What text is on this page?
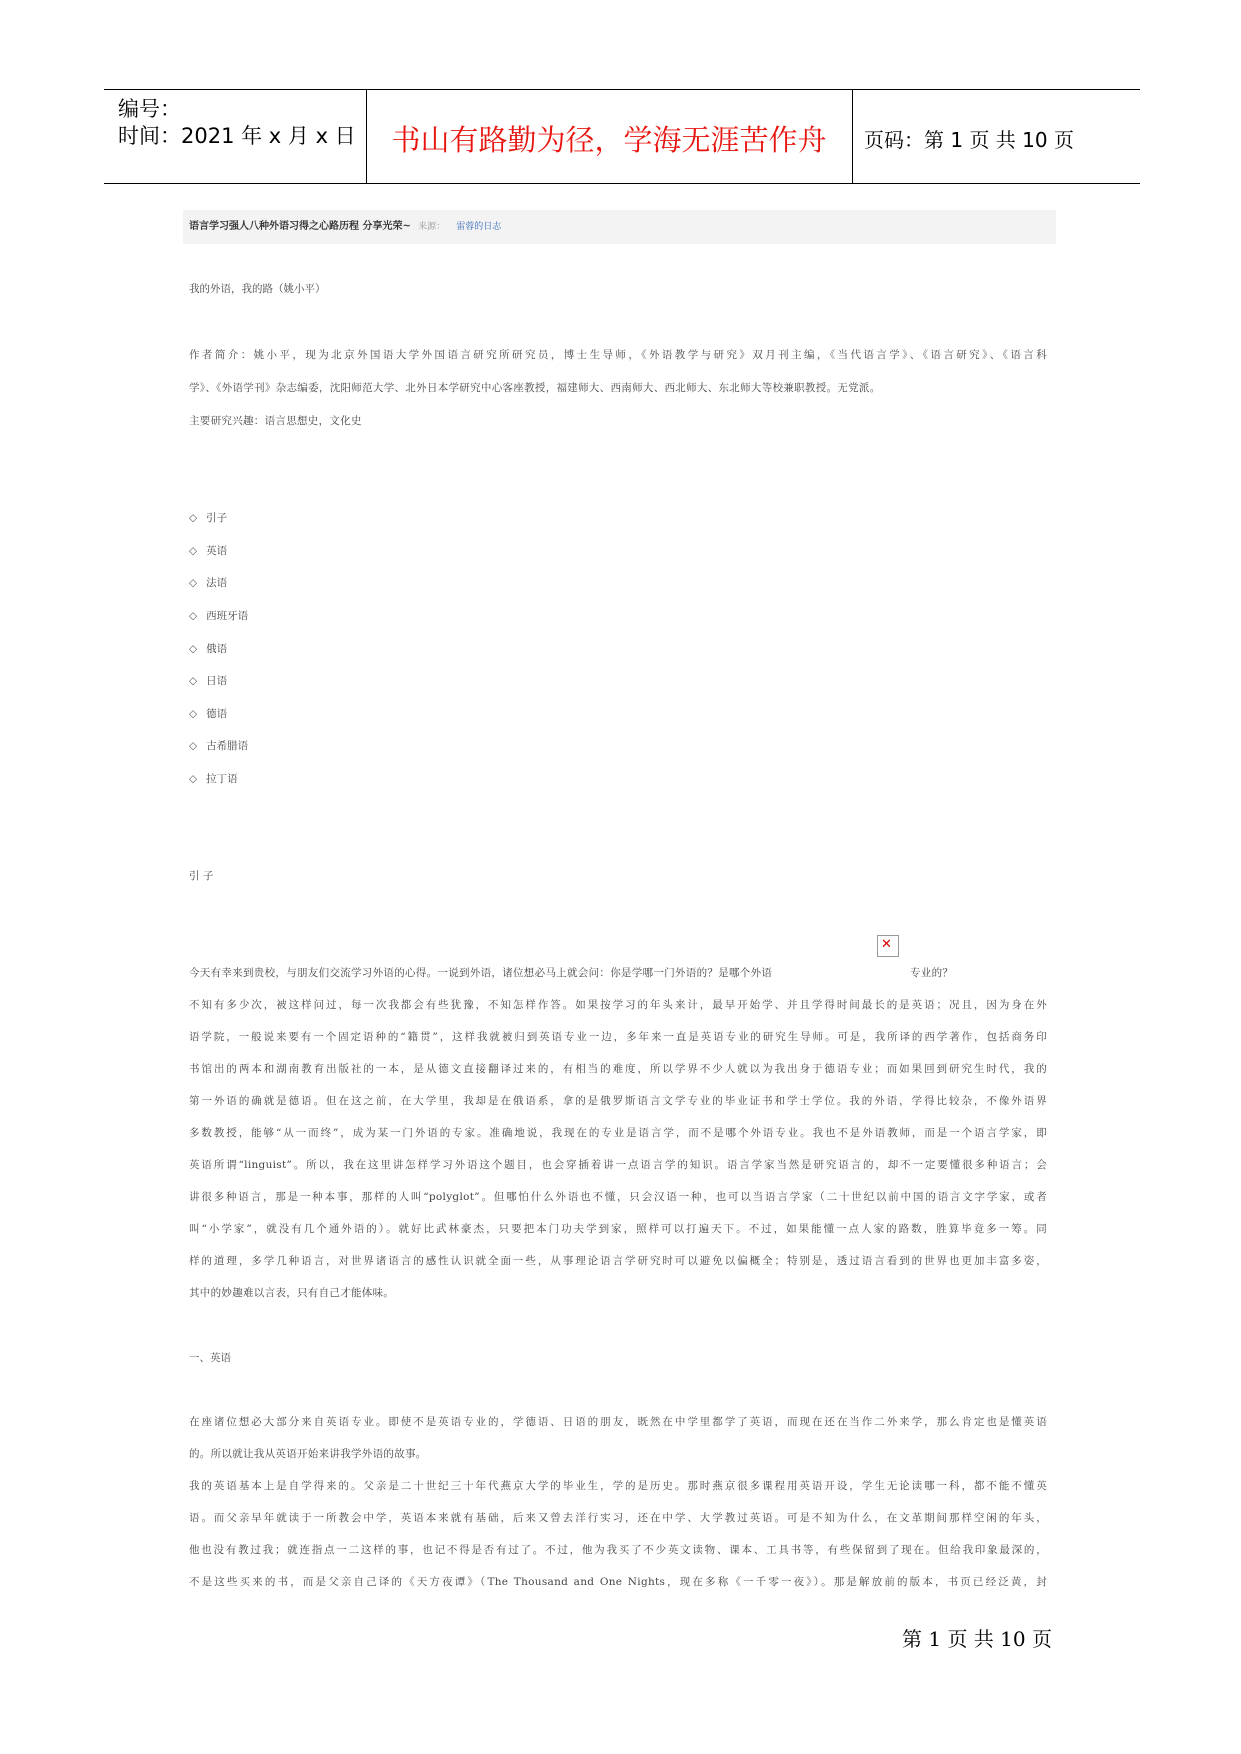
编号：
时间：2021 年 x 月 x 日	书山有路勤为径，学海无涯苦作舟	页码：第 1 页 共 10 页
语言学习强人八种外语习得之心路历程 分享光荣~ 来源： 雷蓉的日志
我的外语，我的路（姚小平）
作者简介：姚小平，现为北京外国语大学外国语言研究所研究员，博士生导师，《外语教学与研究》双月刊主编，《当代语言学》、《语言研究》、《语言科
学》、《外语学刊》杂志编委，沈阳师范大学、北外日本学研究中心客座教授，福建师大、西南师大、西北师大、东北师大等校兼职教授。无党派。
主要研究兴趣：语言思想史，文化史
◇ 引子
◇ 英语
◇ 法语
◇ 西班牙语
◇ 俄语
◇ 日语
◇ 德语
◇ 古希腊语
◇ 拉丁语
引 子
今天有幸来到贵校，与朋友们交流学习外语的心得。一说到外语，诸位想必马上就会问：你是学哪一门外语的？是哪个外语	专业的？
不知有多少次，被这样问过，每一次我都会有些犹豫，不知怎样作答。如果按学习的年头来计，最早开始学、并且学得时间最长的是英语；况且，因为身在外
语学院，一般说来要有一个固定语种的“籍贯”，这样我就被归到英语专业一边，多年来一直是英语专业的研究生导师。可是，我所译的西学著作，包括商务印
书馆出的两本和湖南教育出版社的一本，是从德文直接翻译过来的，有相当的难度，所以学界不少人就以为我出身于德语专业；而如果回到研究生时代，我的
第一外语的确就是德语。但在这之前，在大学里，我却是在俄语系，拿的是俄罗斯语言文学专业的毕业证书和学士学位。我的外语，学得比较杂，不像外语界
多数教授，能够“从一而终”，成为某一门外语的专家。准确地说，我现在的专业是语言学，而不是哪个外语专业。我也不是外语教师，而是一个语言学家，即
英语所谓“linguist”。所以，我在这里讲怎样学习外语这个题目，也会穿插着讲一点语言学的知识。语言学家当然是研究语言的，却不一定要懂很多种语言；会
讲很多种语言，那是一种本事，那样的人叫“polyglot”。但哪怕什么外语也不懂，只会汉语一种，也可以当语言学家（二十世纪以前中国的语言文字学家，或者
叫“小学家”，就没有几个通外语的）。就好比武林豪杰，只要把本门功夫学到家，照样可以打遍天下。不过，如果能懂一点人家的路数，胜算毕竟多一筹。同
样的道理，多学几种语言，对世界诸语言的感性认识就全面一些，从事理论语言学研究时可以避免以偏概全；特别是，透过语言看到的世界也更加丰富多姿，
其中的妙趣难以言表，只有自己才能体味。
一、英语
在座诸位想必大部分来自英语专业。即使不是英语专业的，学德语、日语的朋友，既然在中学里都学了英语，而现在还在当作二外来学，那么肯定也是懂英语
的。所以就让我从英语开始来讲我学外语的故事。
我的英语基本上是自学得来的。父亲是二十世纪三十年代燕京大学的毕业生，学的是历史。那时燕京很多课程用英语开设，学生无论读哪一科，都不能不懂英
语。而父亲早年就读于一所教会中学，英语本来就有基础，后来又曾去洋行实习，还在中学、大学教过英语。可是不知为什么，在文革期间那样空闲的年头，
他也没有教过我；就连指点一二这样的事，也记不得是否有过了。不过，他为我买了不少英文读物、课本、工具书等，有些保留到了现在。但给我印象最深的，
不是这些买来的书，而是父亲自己译的《天方夜谭》（The Thousand and One Nights，现在多称《一千零一夜》）。那是解放前的版本，书页已经泛黄，封
✕
第 1 页 共 10 页
